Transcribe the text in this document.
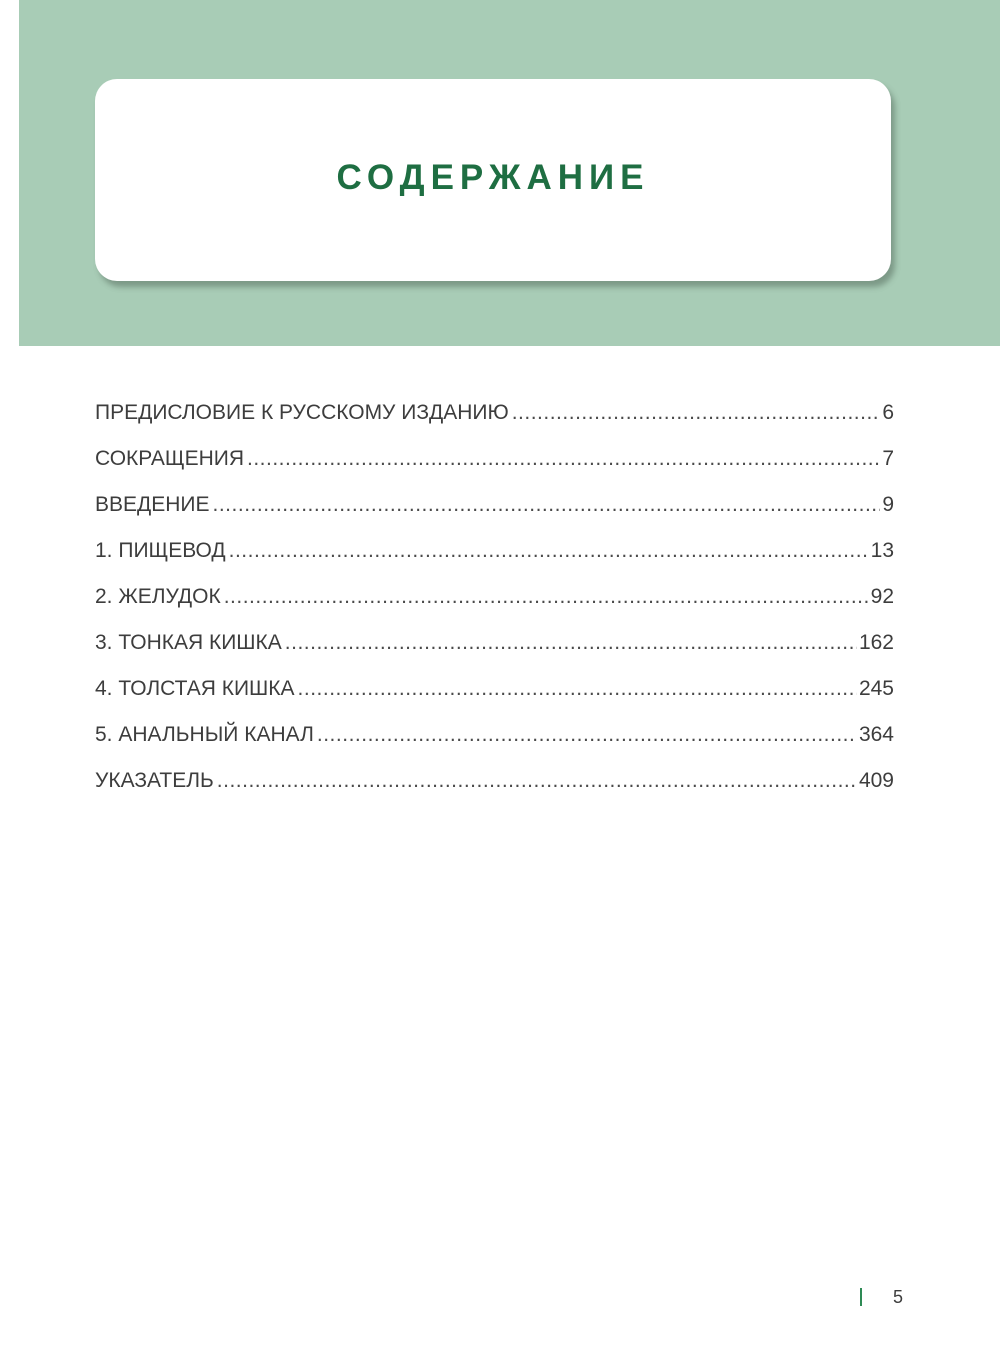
СОДЕРЖАНИЕ
ПРЕДИСЛОВИЕ К РУССКОМУ ИЗДАНИЮ .....	6
СОКРАЩЕНИЯ .....	7
ВВЕДЕНИЕ .....	9
1. ПИЩЕВОД .....	13
2. ЖЕЛУДОК .....	92
3. ТОНКАЯ КИШКА .....	162
4. ТОЛСТАЯ КИШКА .....	245
5. АНАЛЬНЫЙ КАНАЛ .....	364
УКАЗАТЕЛЬ .....	409
5
